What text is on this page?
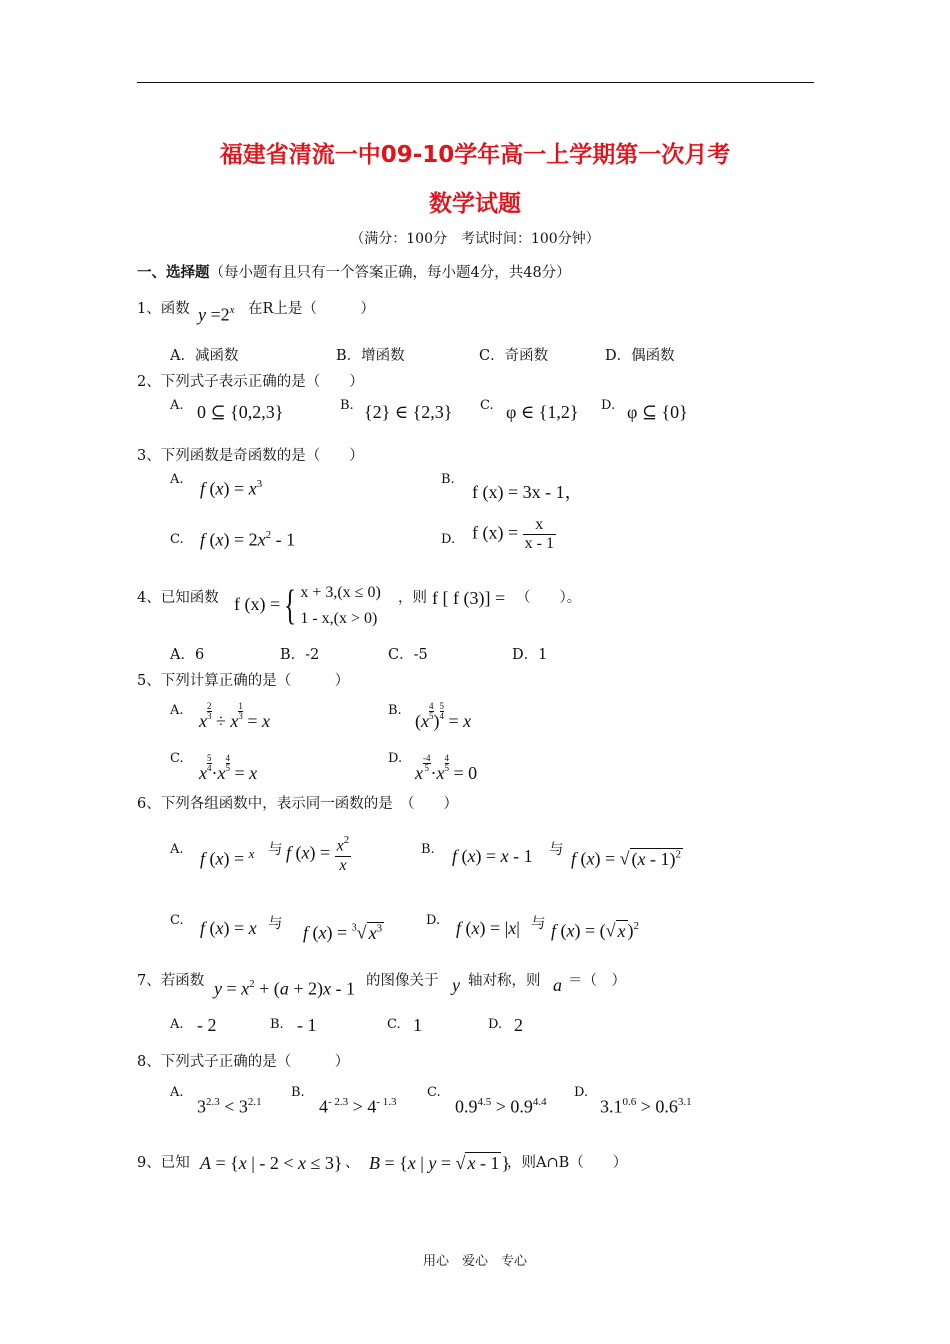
福建省清流一中09-10学年高一上学期第一次月考
数学试题
（满分：100分　考试时间：100分钟）
一、选择题（每小题有且只有一个答案正确，每小题4分，共48分）
1、函数 $y =2^x$ 在R上是（　　　）
A．减函数	B．增函数	C．奇函数	D．偶函数
2、下列式子表示正确的是（　　）
A. 0 ⊆ {0,2,3}	B. {2} ∈ {2,3} C. φ ∈ {1,2} D. φ ⊆ {0}
3、下列函数是奇函数的是（　　）
A. f $(x) = x^3$	B.
f (x) = 3x - 1，
C. f $(x) = 2x^2 - 1$	D. f $(x) = \frac{x}{x - 1}$
4、已知函数 f (x) ={ x + 3,(x ≤ 0)
1 - x,(x > 0)
，则 f [ f (3)] = （　　）。
A．6	B．-2	C．-5	D．1
5、下列计算正确的是（　　　）
A.
x $\frac{2}{3} \div x \frac{1}{3} = x$
B.
($x \frac{4}{5}$ ) $\frac{5}{4} = x$
C.
x $\frac{5}{4} \cdot x \frac{4}{5} = x$
D.
x $\frac{-4}{5} \cdot x \frac{4}{5} = 0$
6、下列各组函数中，表示同一函数的是　（　　）
A. f (x) = $^x$ 与 f $(x) = \frac{x^2}{x}$	B. f (x) = x - 1 与 f (x) = √ (x - 1)$^2$
C. f (x) = x 与 f (x) = $^3$√ $x^3$	D. f (x) = |x| 与 f (x) = (√ x )$^2$
7、若函数 $y = x^2 + (a + 2)x - 1$ 的图像关于 y 轴对称，则 a ＝（　）
A. - 2	B. - 1	C. 1	D. 2
8、下列式子正确的是（　　　）
A.
$3^{2.3} < 3^{2.1}$
B.
$4^{- 2.3} > 4^{- 1.3}$
C.
$0.9^{4.5} > 0.9^{4.4}$
D.
$3.1^{0.6} > 0.6^{3.1}$
9、已知 A = {x | - 2 < x ≤ 3} 、 B = {x | y = √ x - 1 }
，则A∩B（　　）
用心　爱心　专心
